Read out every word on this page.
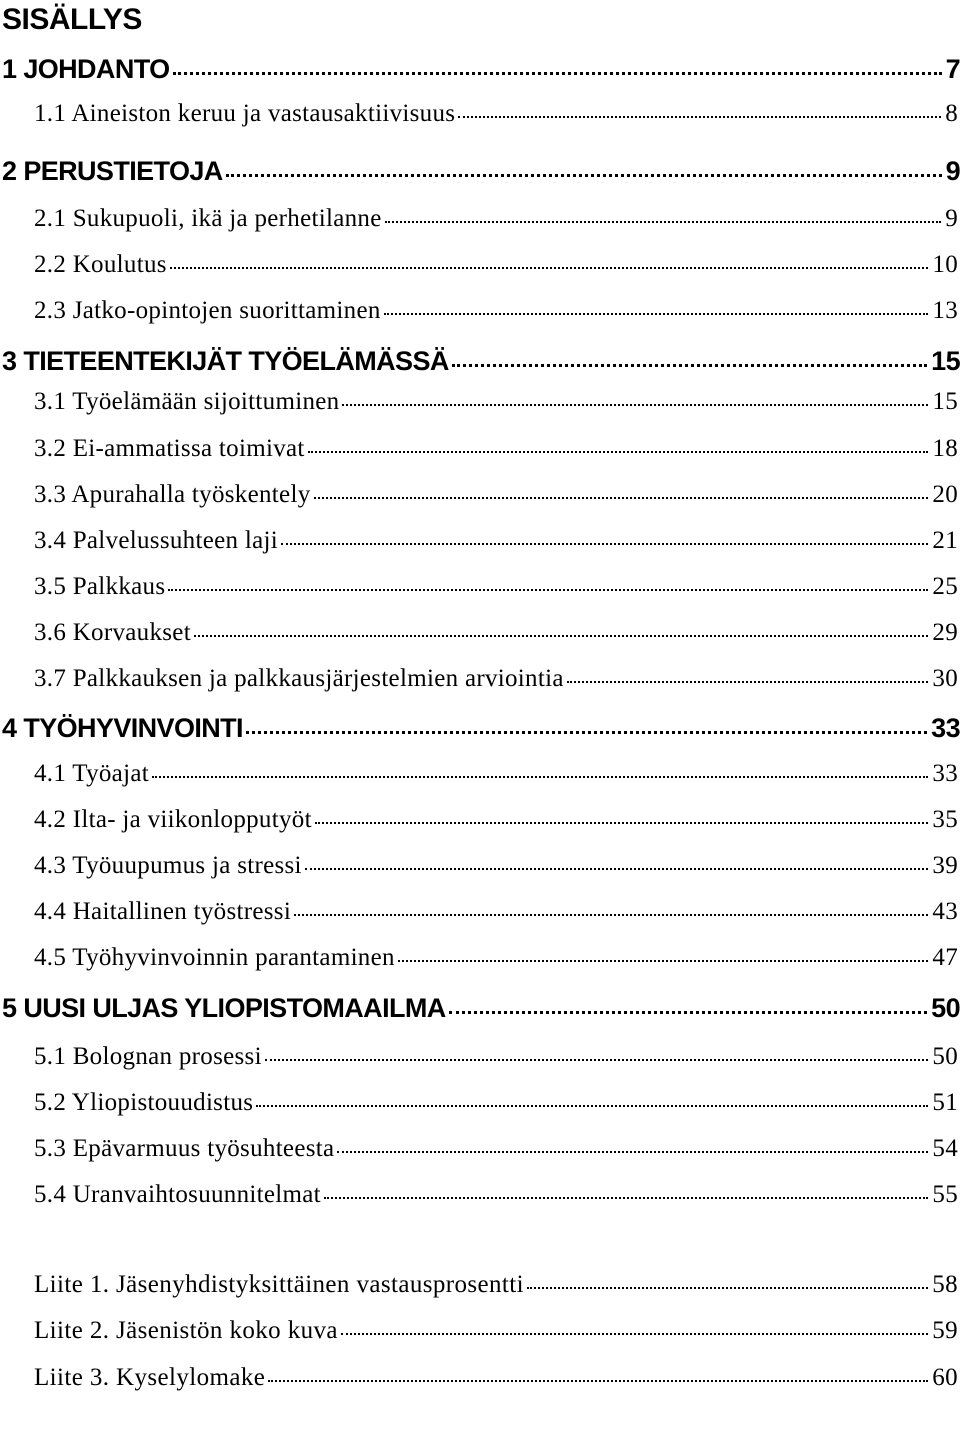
SISÄLLYS
1 JOHDANTO	7
1.1 Aineiston keruu ja vastausaktiivisuus	8
2 PERUSTIETOJA	9
2.1 Sukupuoli, ikä ja perhetilanne	9
2.2 Koulutus	10
2.3 Jatko-opintojen suorittaminen	13
3 TIETEENTEKIJÄT TYÖELÄMÄSSÄ	15
3.1 Työelämään sijoittuminen	15
3.2 Ei-ammatissa toimivat	18
3.3 Apurahalla työskentely	20
3.4 Palvelussuhteen laji	21
3.5 Palkkaus	25
3.6 Korvaukset	29
3.7 Palkkauksen ja palkkausjärjestelmien arviointia	30
4 TYÖHYVINVOINTI	33
4.1 Työajat	33
4.2 Ilta- ja viikonlopputyöt	35
4.3 Työuupumus ja stressi	39
4.4 Haitallinen työstressi	43
4.5 Työhyvinvoinnin parantaminen	47
5 UUSI ULJAS YLIOPISTOMAAILMA	50
5.1 Bolognan prosessi	50
5.2 Yliopistouudistus	51
5.3 Epävarmuus työsuhteesta	54
5.4 Uranvaihtosuunnitelmat	55
Liite 1. Jäsenyhdistyksittäinen vastausprosentti	58
Liite 2. Jäsenistön koko kuva	59
Liite 3. Kyselylomake	60
